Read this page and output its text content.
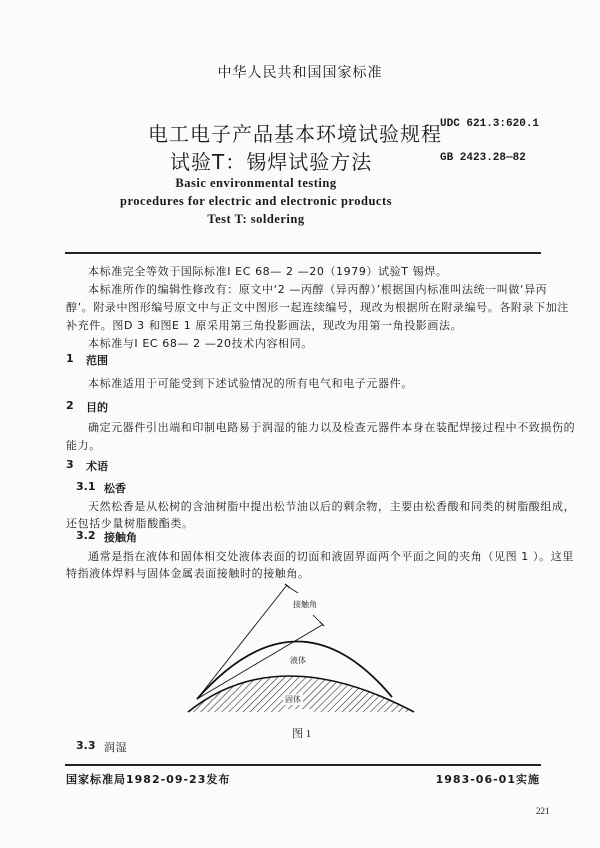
中华人民共和国国家标准
电工电子产品基本环境试验规程
试验T：锡焊试验方法
UDC 621.3:620.1
GB 2423.28—82
Basic environmental testing
procedures for electric and electronic products
Test T: soldering
本标准完全等效于国际标准I EC 68— 2 —20（1979）试验T 锡焊。
本标准所作的编辑性修改有：原文中‘2 —丙醇（异丙醇）’根据国内标准叫法统一叫做‘异丙
醇’。附录中图形编号原文中与正文中图形一起连续编号，现改为根据所在附录编号。各附录下加注
补充件。图D 3 和图E 1 原采用第三角投影画法，现改为用第一角投影画法。
本标准与I EC 68— 2 —20技术内容相同。
1 范围
本标准适用于可能受到下述试验情况的所有电气和电子元器件。
2 目的
确定元器件引出端和印制电路易于润湿的能力以及检查元器件本身在装配焊接过程中不致损伤的
能力。
3 术语
3.1 松香
天然松香是从松树的含油树脂中提出松节油以后的剩余物，主要由松香酸和同类的树脂酸组成，
还包括少量树脂酸酯类。
3.2 接触角
通常是指在液体和固体相交处液体表面的切面和液固界面两个平面之间的夹角（见图 1 ）。这里
特指液体焊料与固体金属表面接触时的接触角。
接触角
液体
固体
图 1
3.3 润湿
国家标准局1982-09-23发布	1983-06-01实施
221
